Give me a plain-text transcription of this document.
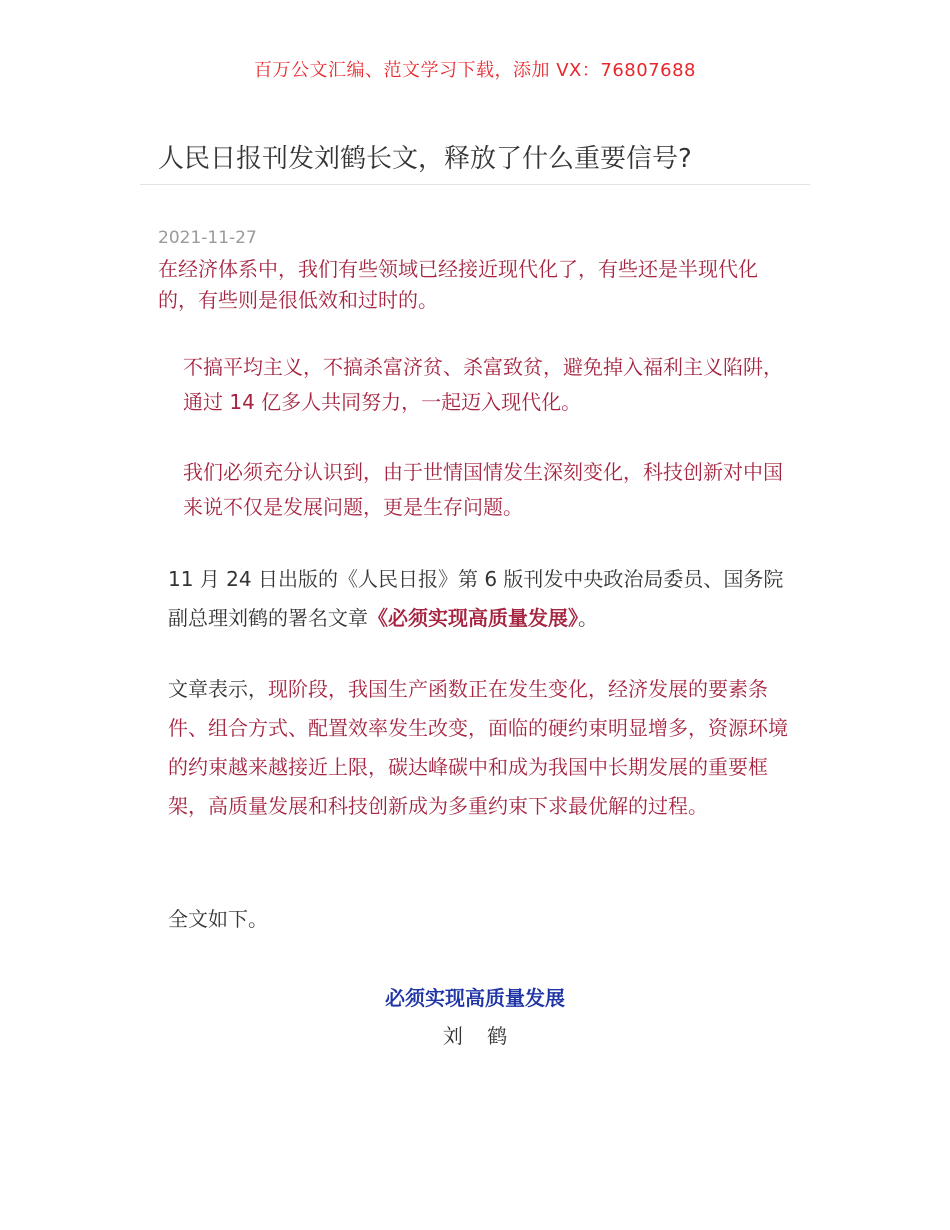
百万公文汇编、范文学习下载，添加 VX：76807688
人民日报刊发刘鹤长文，释放了什么重要信号?
2021-11-27
在经济体系中，我们有些领域已经接近现代化了，有些还是半现代化的，有些则是很低效和过时的。
不搞平均主义，不搞杀富济贫、杀富致贫，避免掉入福利主义陷阱，通过 14 亿多人共同努力，一起迈入现代化。
我们必须充分认识到，由于世情国情发生深刻变化，科技创新对中国来说不仅是发展问题，更是生存问题。
11 月 24 日出版的《人民日报》第 6 版刊发中央政治局委员、国务院副总理刘鹤的署名文章《必须实现高质量发展》。
文章表示，现阶段，我国生产函数正在发生变化，经济发展的要素条件、组合方式、配置效率发生改变，面临的硬约束明显增多，资源环境的约束越来越接近上限，碳达峰碳中和成为我国中长期发展的重要框架，高质量发展和科技创新成为多重约束下求最优解的过程。
全文如下。
必须实现高质量发展
刘 鹤
